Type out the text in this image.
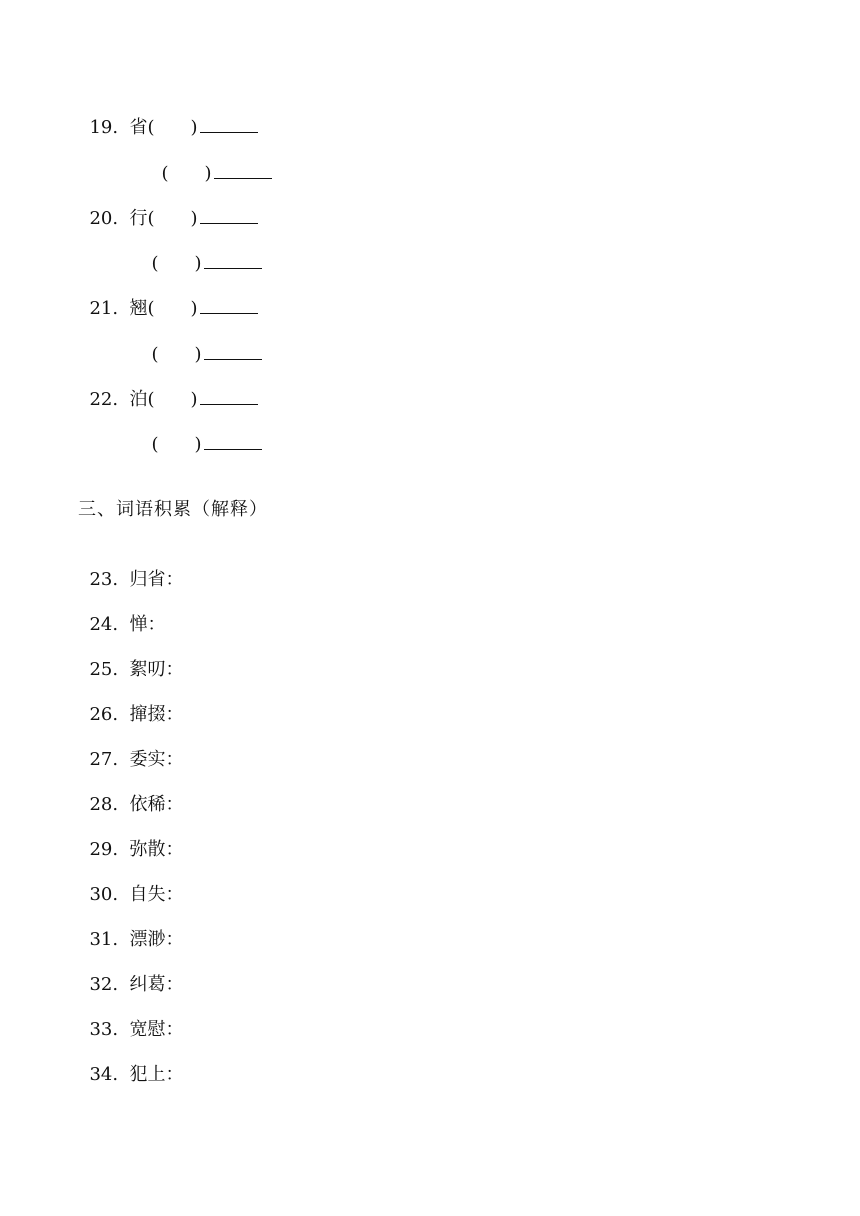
19. 省(　　)

(　　)

20. 行(　　)

(　　)

21. 翘(　　)

(　　)

22. 泊(　　)

(　　)

三、词语积累（解释）

23. 归省：

24. 惮：

25. 絮叨：

26. 撺掇：

27. 委实：

28. 依稀：

29. 弥散：

30. 自失：

31. 漂渺：

32. 纠葛：

33. 宽慰：

34. 犯上：
